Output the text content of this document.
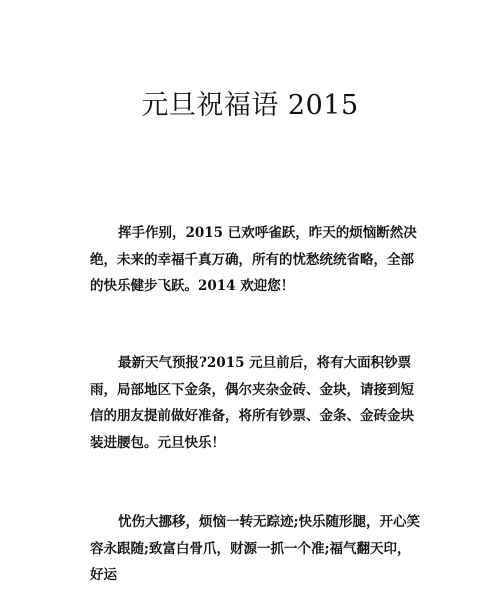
元旦祝福语 2015

挥手作别，2015 已欢呼雀跃，昨天的烦恼断然决绝，未来的幸福千真万确，所有的忧愁统统省略，全部的快乐健步飞跃。2014 欢迎您！

最新天气预报?2015 元旦前后，将有大面积钞票雨，局部地区下金条，偶尔夹杂金砖、金块，请接到短信的朋友提前做好准备，将所有钞票、金条、金砖金块装进腰包。元旦快乐！

忧伤大挪移，烦恼一转无踪迹;快乐随形腿，开心笑容永跟随;致富白骨爪，财源一抓一个准;福气翻天印，好运
